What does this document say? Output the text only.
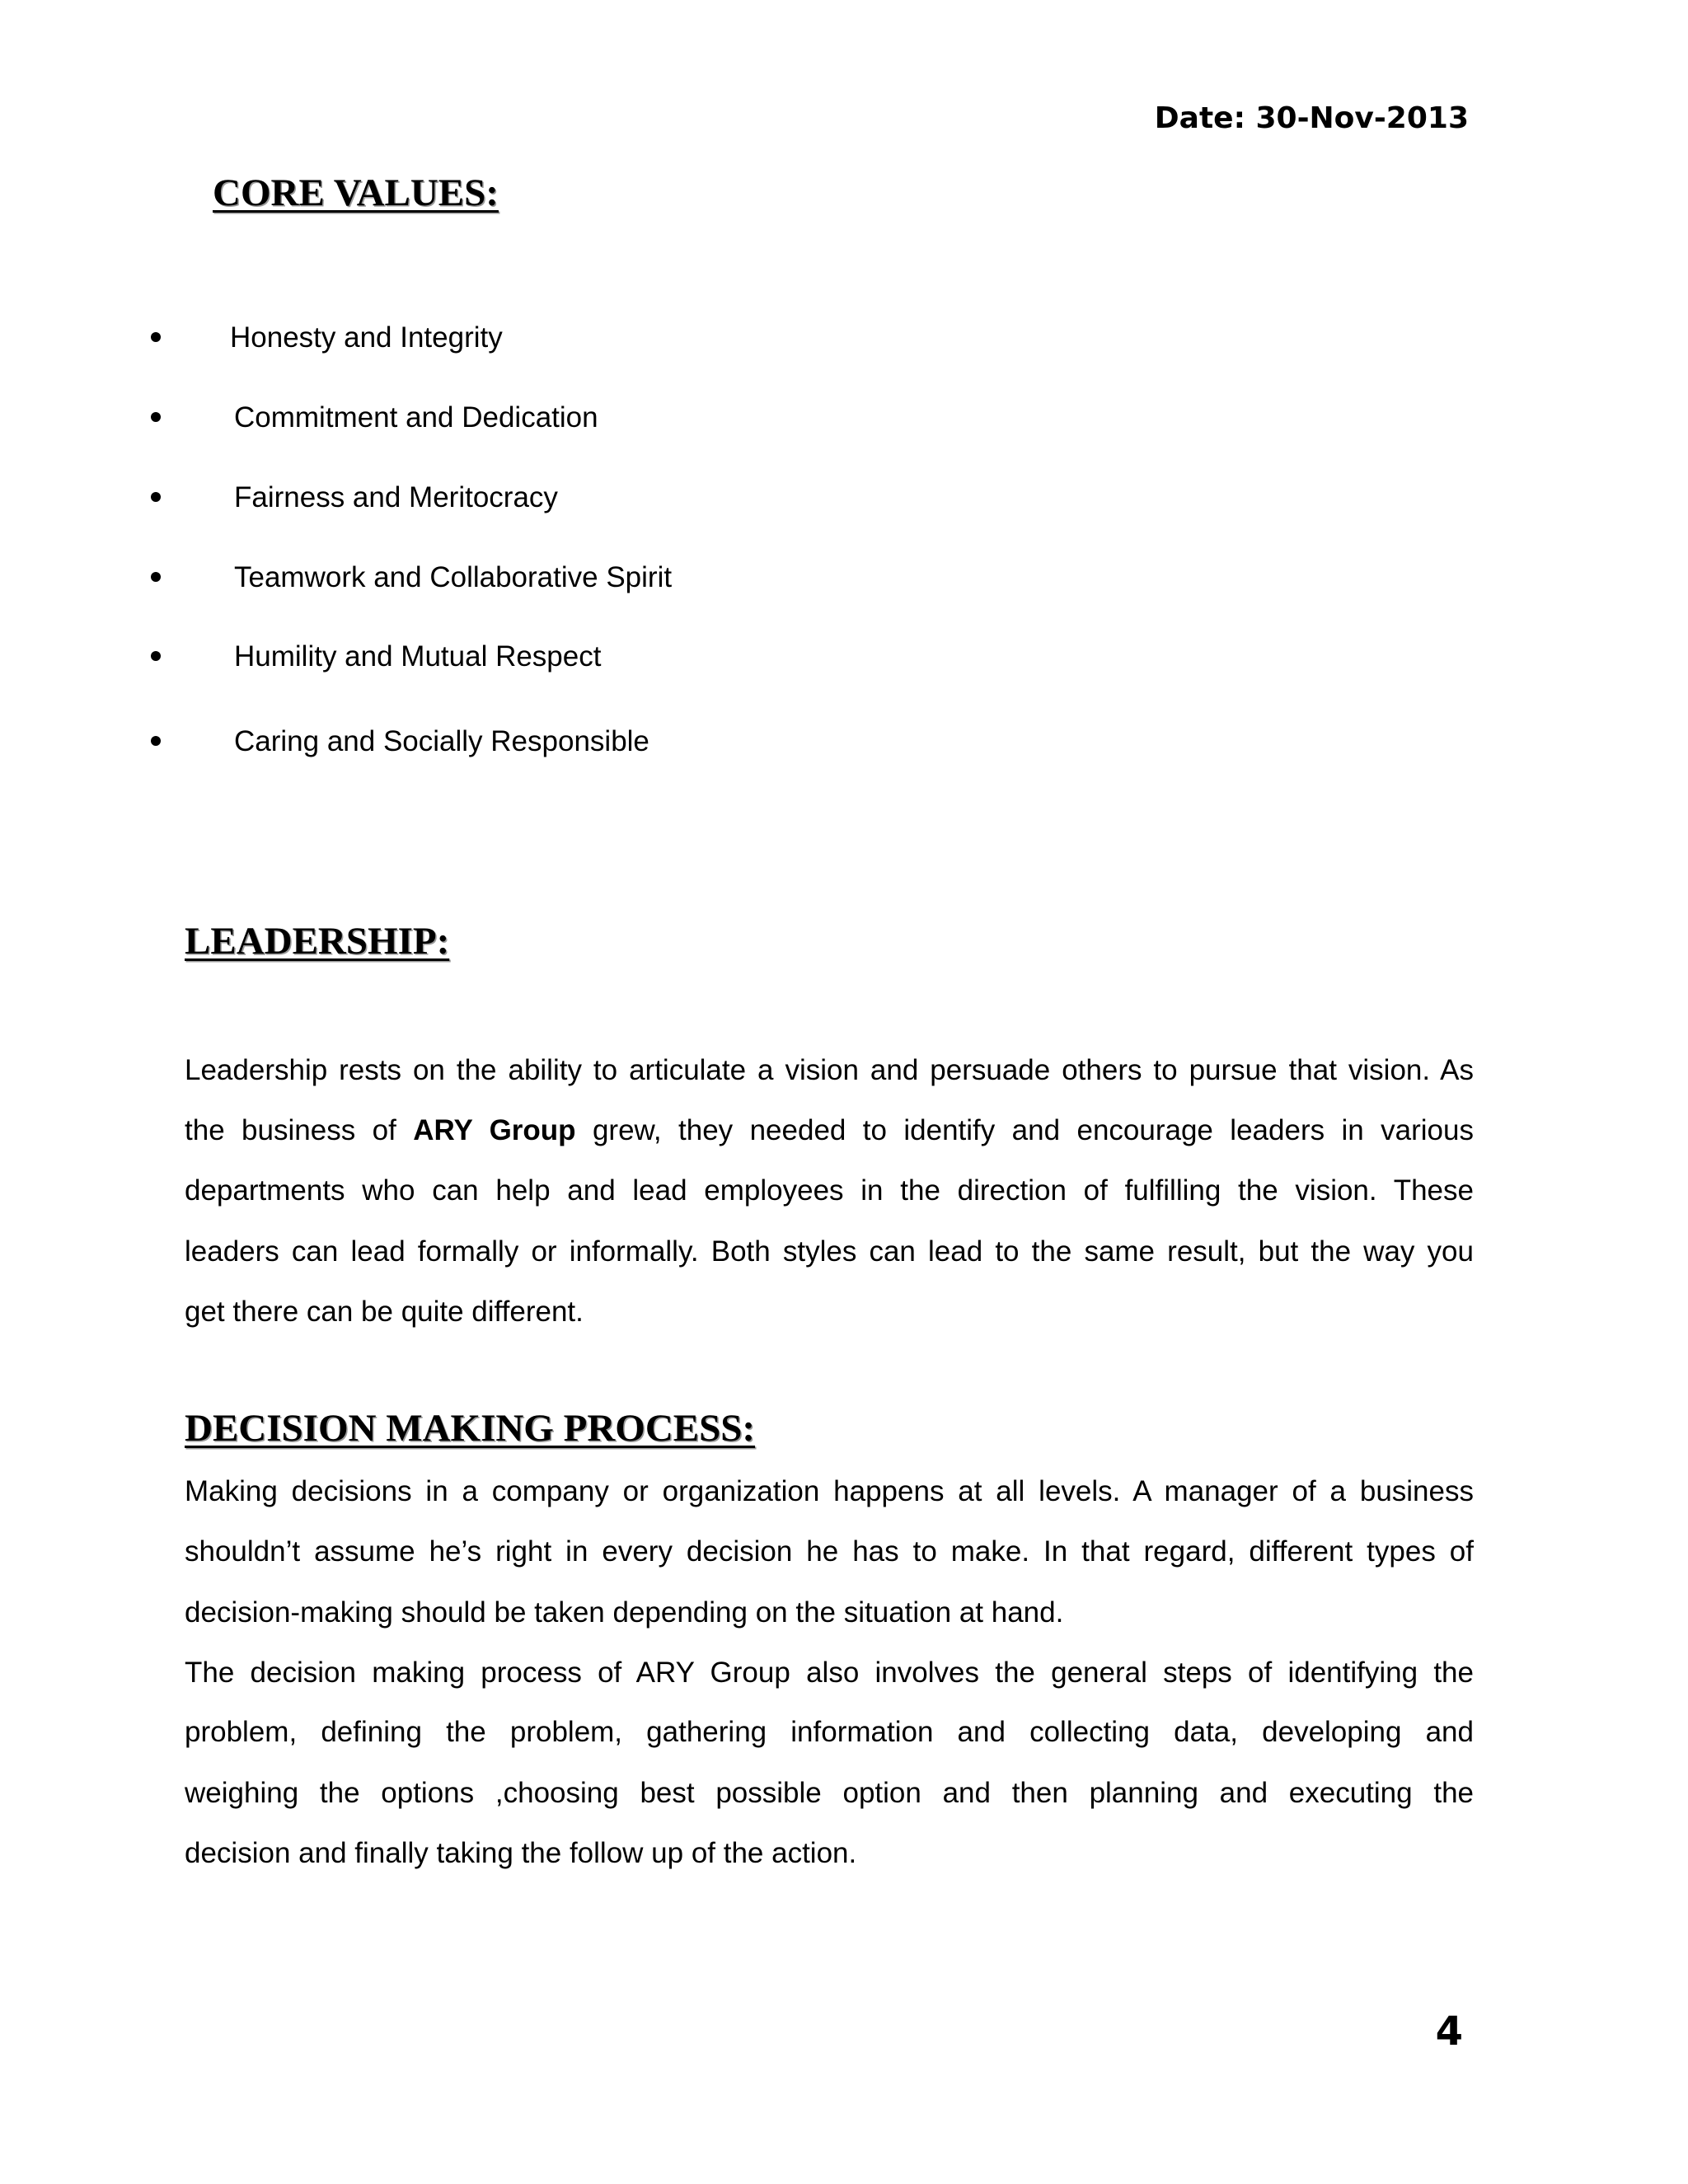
Date: 30-Nov-2013
CORE VALUES:
Honesty and Integrity
Commitment and Dedication
Fairness and Meritocracy
Teamwork and Collaborative Spirit
Humility and Mutual Respect
Caring and Socially Responsible
LEADERSHIP:
Leadership rests on the ability to articulate a vision and persuade others to pursue that vision. As
the business of ARY Group grew, they needed to identify and encourage leaders in various
departments who can help and lead employees in the direction of fulfilling the vision. These
leaders can lead formally or informally. Both styles can lead to the same result, but the way you
get there can be quite different.
DECISION MAKING PROCESS:
Making decisions in a company or organization happens at all levels. A manager of a business
shouldn’t assume he’s right in every decision he has to make. In that regard, different types of
decision-making should be taken depending on the situation at hand.
The decision making process of ARY Group also involves the general steps of identifying the
problem, defining the problem, gathering information and collecting data, developing and
weighing the options ,choosing best possible option and then planning and executing the
decision and finally taking the follow up of the action.
4
